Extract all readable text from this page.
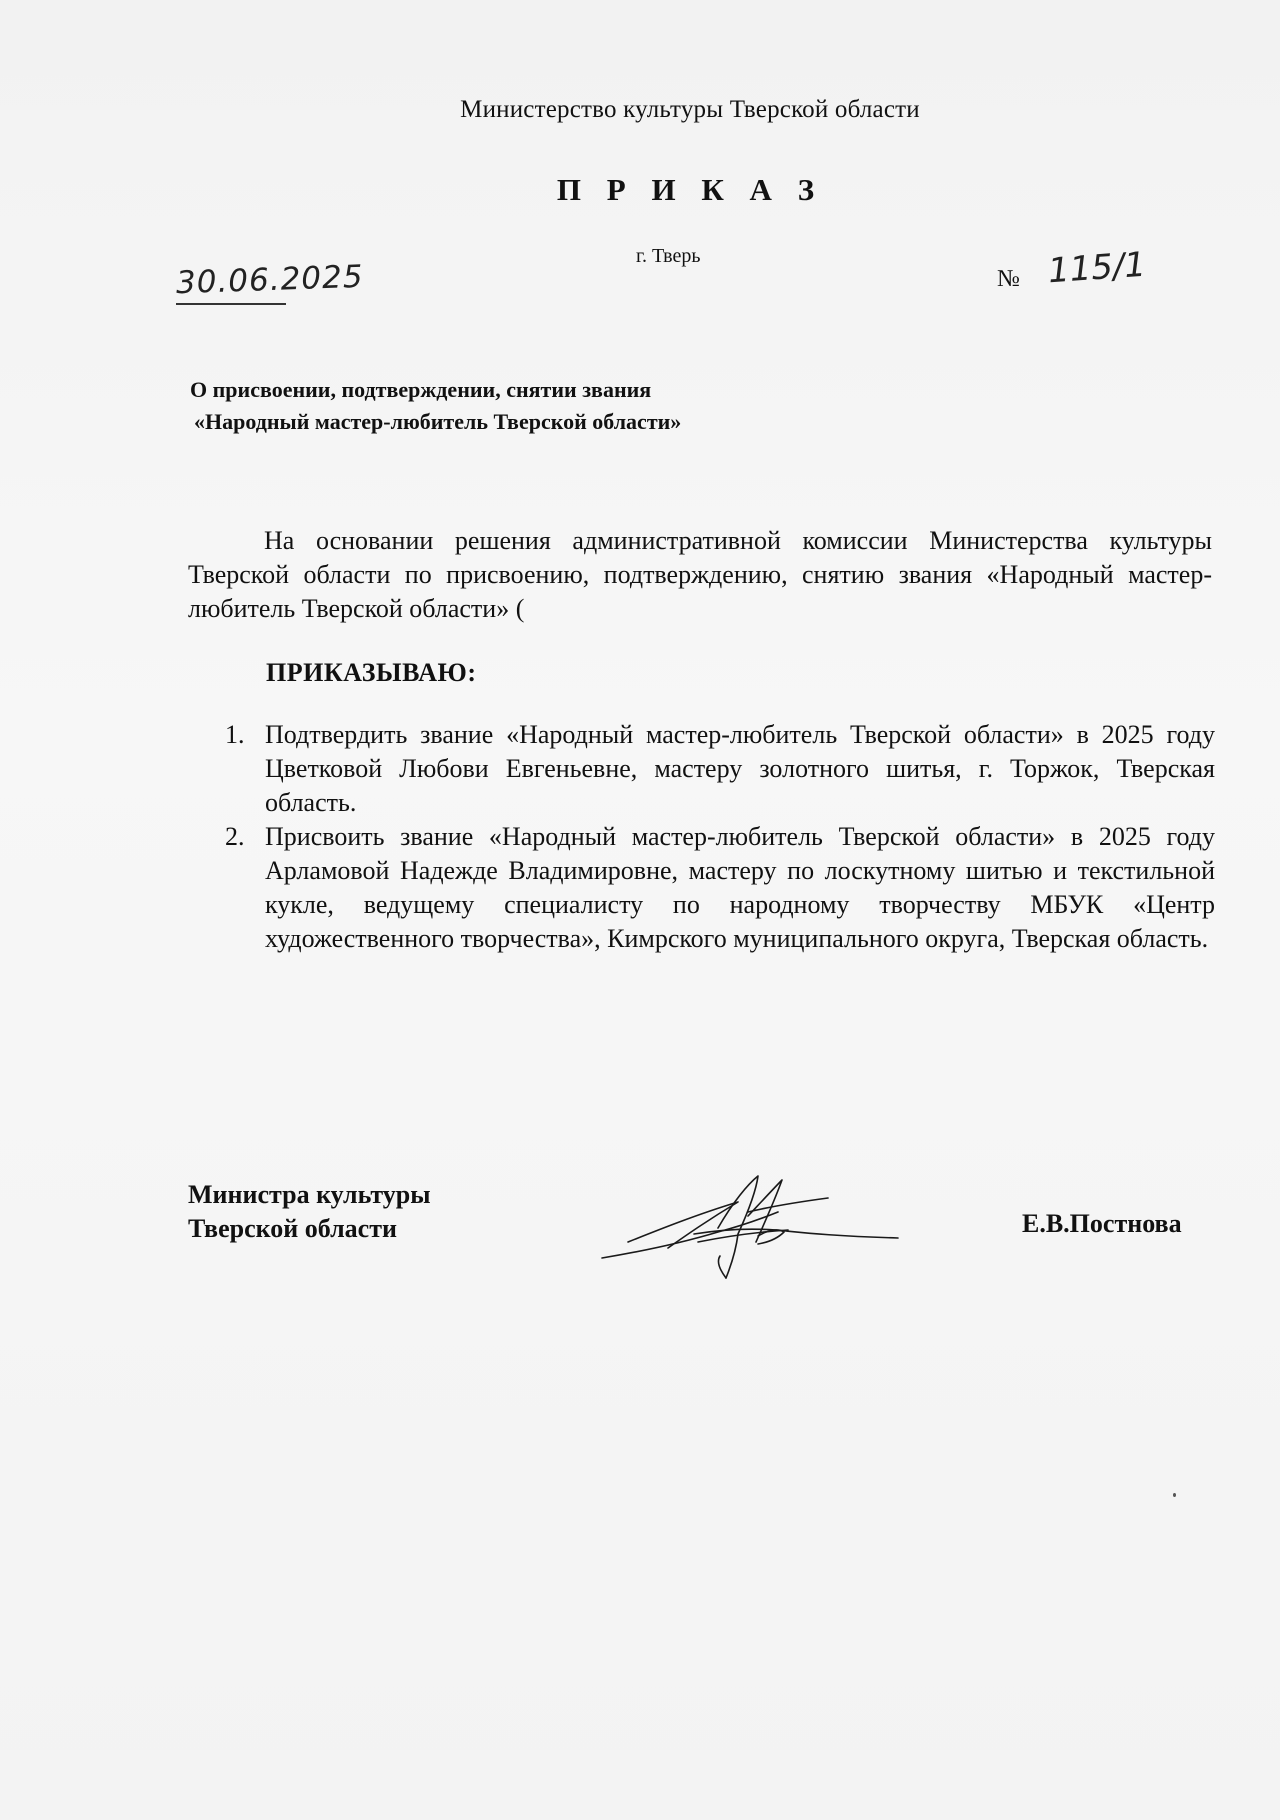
Министерство культуры Тверской области
П Р И К А З
г. Тверь
30.06.2025	№ 115/1
О присвоении, подтверждении, снятии звания
«Народный мастер-любитель Тверской области»
На основании решения административной комиссии Министерства культуры Тверской области по присвоению, подтверждению, снятию звания «Народный мастер-любитель Тверской области» (
ПРИКАЗЫВАЮ:
1. Подтвердить звание «Народный мастер-любитель Тверской области» в 2025 году Цветковой Любови Евгеньевне, мастеру золотного шитья, г. Торжок, Тверская область.
2. Присвоить звание «Народный мастер-любитель Тверской области» в 2025 году Арламовой Надежде Владимировне, мастеру по лоскутному шитью и текстильной кукле, ведущему специалисту по народному творчеству МБУК «Центр художественного творчества», Кимрского муниципального округа, Тверская область.
Министра культуры
Тверской области	Е.В.Постнова
